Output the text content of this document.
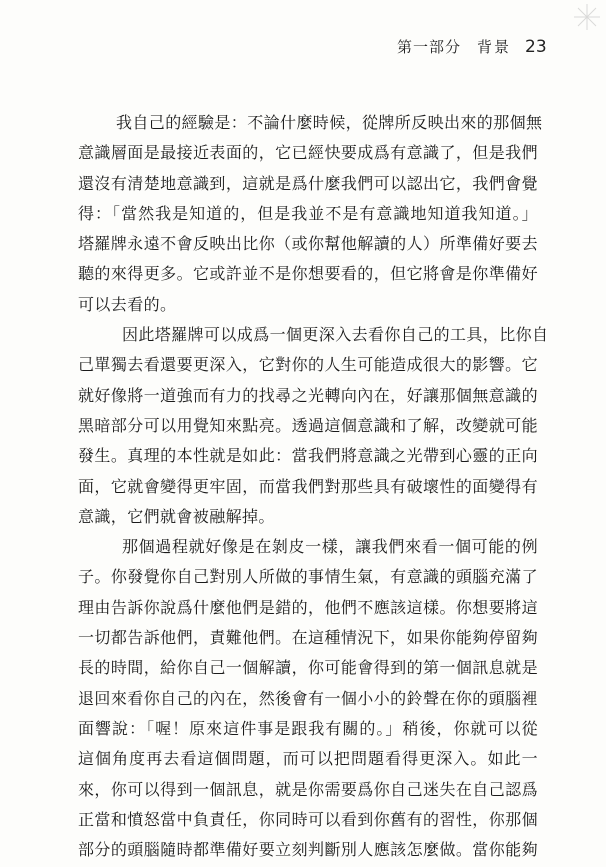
第一部分 背景 23
我自己的經驗是：不論什麼時候，從牌所反映出來的那個無
意識層面是最接近表面的，它已經快要成爲有意識了，但是我們
還沒有清楚地意識到，這就是爲什麼我們可以認出它，我們會覺
得：「當然我是知道的，但是我並不是有意識地知道我知道。」
塔羅牌永遠不會反映出比你（或你幫他解讀的人）所準備好要去
聽的來得更多。它或許並不是你想要看的，但它將會是你準備好
可以去看的。
因此塔羅牌可以成爲一個更深入去看你自己的工具，比你自
己單獨去看還要更深入，它對你的人生可能造成很大的影響。它
就好像將一道強而有力的找尋之光轉向內在，好讓那個無意識的
黑暗部分可以用覺知來點亮。透過這個意識和了解，改變就可能
發生。真理的本性就是如此：當我們將意識之光帶到心靈的正向
面，它就會變得更牢固，而當我們對那些具有破壞性的面變得有
意識，它們就會被融解掉。
那個過程就好像是在剝皮一樣，讓我們來看一個可能的例
子。你發覺你自己對別人所做的事情生氣，有意識的頭腦充滿了
理由告訴你說爲什麼他們是錯的，他們不應該這樣。你想要將這
一切都告訴他們，責難他們。在這種情況下，如果你能夠停留夠
長的時間，給你自己一個解讀，你可能會得到的第一個訊息就是
退回來看你自己的內在，然後會有一個小小的鈴聲在你的頭腦裡
面響說：「喔！原來這件事是跟我有關的。」稍後，你就可以從
這個角度再去看這個問題，而可以把問題看得更深入。如此一
來，你可以得到一個訊息，就是你需要爲你自己迷失在自己認爲
正當和憤怒當中負責任，你同時可以看到你舊有的習性，你那個
部分的頭腦隨時都準備好要立刻判斷別人應該怎麼做。當你能夠
